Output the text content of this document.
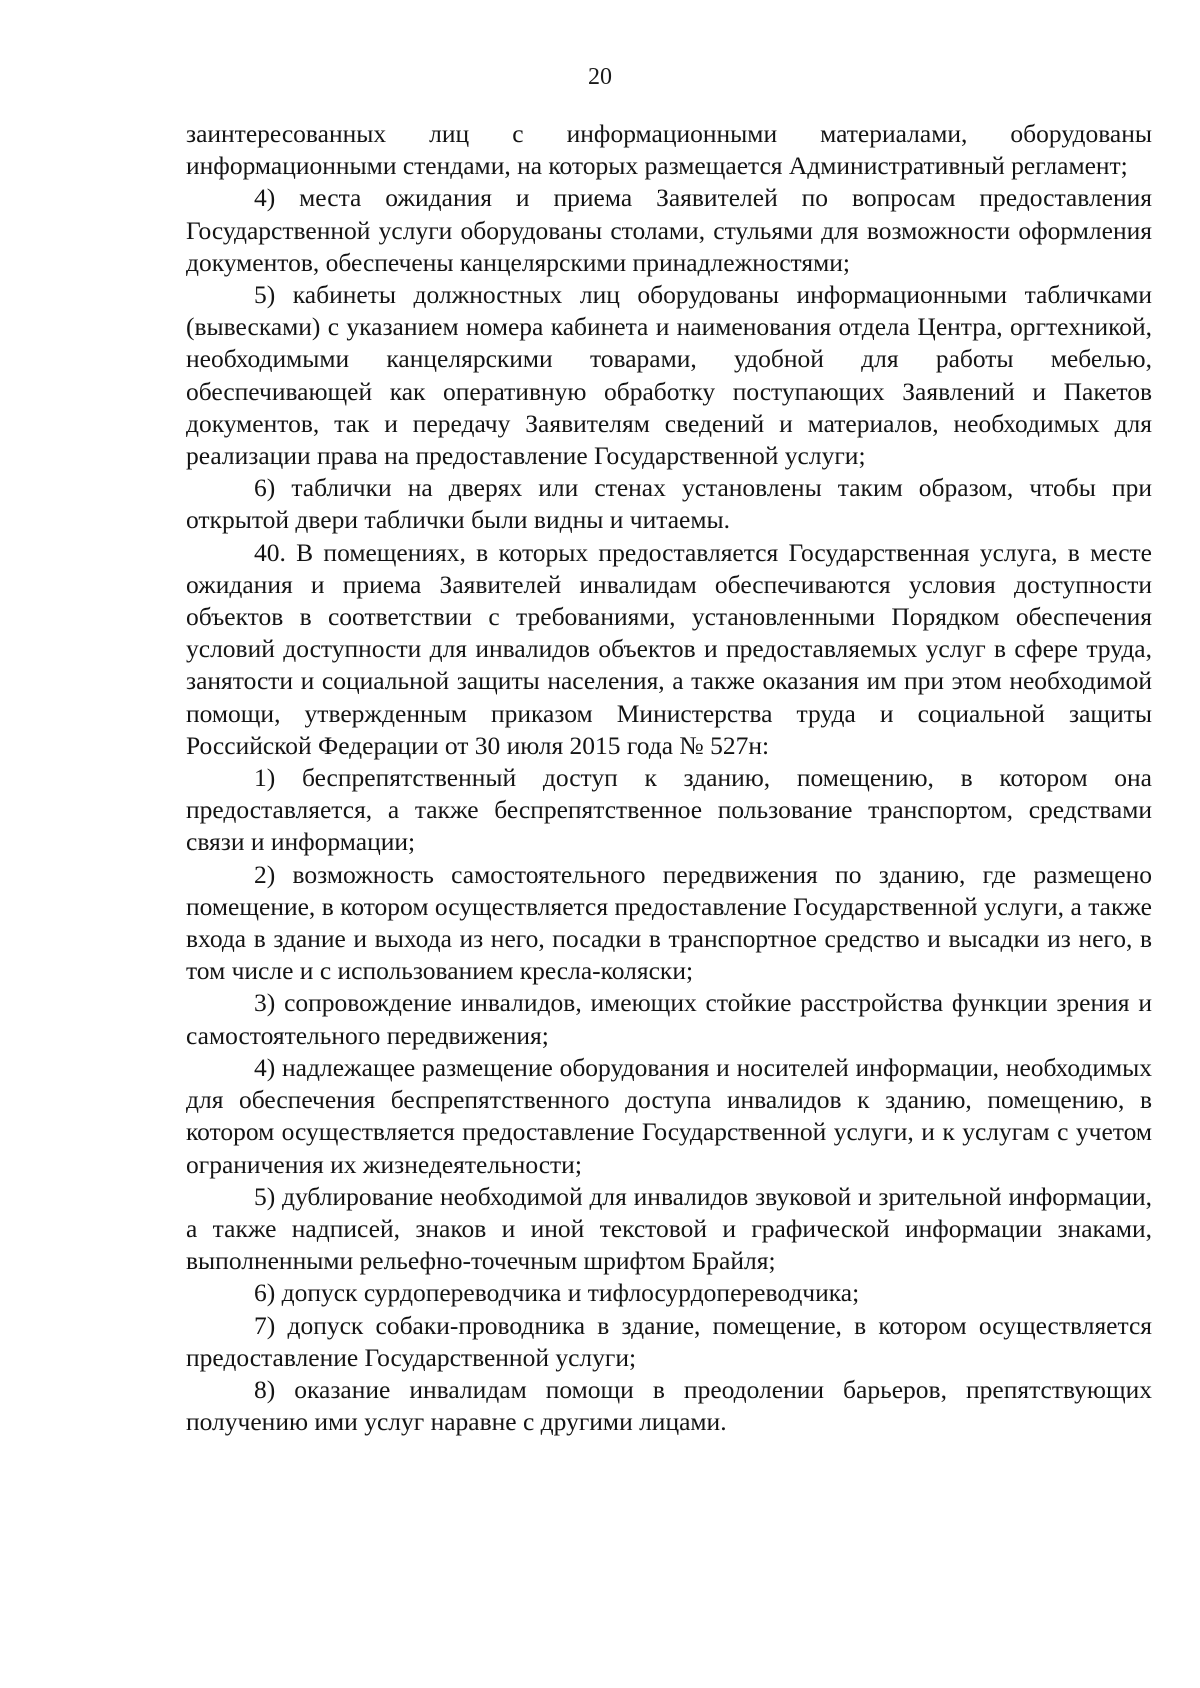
20

заинтересованных лиц с информационными материалами, оборудованы информационными стендами, на которых размещается Административный регламент;

4) места ожидания и приема Заявителей по вопросам предоставления Государственной услуги оборудованы столами, стульями для возможности оформления документов, обеспечены канцелярскими принадлежностями;

5) кабинеты должностных лиц оборудованы информационными табличками (вывесками) с указанием номера кабинета и наименования отдела Центра, оргтехникой, необходимыми канцелярскими товарами, удобной для работы мебелью, обеспечивающей как оперативную обработку поступающих Заявлений и Пакетов документов, так и передачу Заявителям сведений и материалов, необходимых для реализации права на предоставление Государственной услуги;

6) таблички на дверях или стенах установлены таким образом, чтобы при открытой двери таблички были видны и читаемы.

40. В помещениях, в которых предоставляется Государственная услуга, в месте ожидания и приема Заявителей инвалидам обеспечиваются условия доступности объектов в соответствии с требованиями, установленными Порядком обеспечения условий доступности для инвалидов объектов и предоставляемых услуг в сфере труда, занятости и социальной защиты населения, а также оказания им при этом необходимой помощи, утвержденным приказом Министерства труда и социальной защиты Российской Федерации от 30 июля 2015 года № 527н:

1) беспрепятственный доступ к зданию, помещению, в котором она предоставляется, а также беспрепятственное пользование транспортом, средствами связи и информации;

2) возможность самостоятельного передвижения по зданию, где размещено помещение, в котором осуществляется предоставление Государственной услуги, а также входа в здание и выхода из него, посадки в транспортное средство и высадки из него, в том числе и с использованием кресла-коляски;

3) сопровождение инвалидов, имеющих стойкие расстройства функции зрения и самостоятельного передвижения;

4) надлежащее размещение оборудования и носителей информации, необходимых для обеспечения беспрепятственного доступа инвалидов к зданию, помещению, в котором осуществляется предоставление Государственной услуги, и к услугам с учетом ограничения их жизнедеятельности;

5) дублирование необходимой для инвалидов звуковой и зрительной информации, а также надписей, знаков и иной текстовой и графической информации знаками, выполненными рельефно-точечным шрифтом Брайля;

6) допуск сурдопереводчика и тифлосурдопереводчика;

7) допуск собаки-проводника в здание, помещение, в котором осуществляется предоставление Государственной услуги;

8) оказание инвалидам помощи в преодолении барьеров, препятствующих получению ими услуг наравне с другими лицами.
